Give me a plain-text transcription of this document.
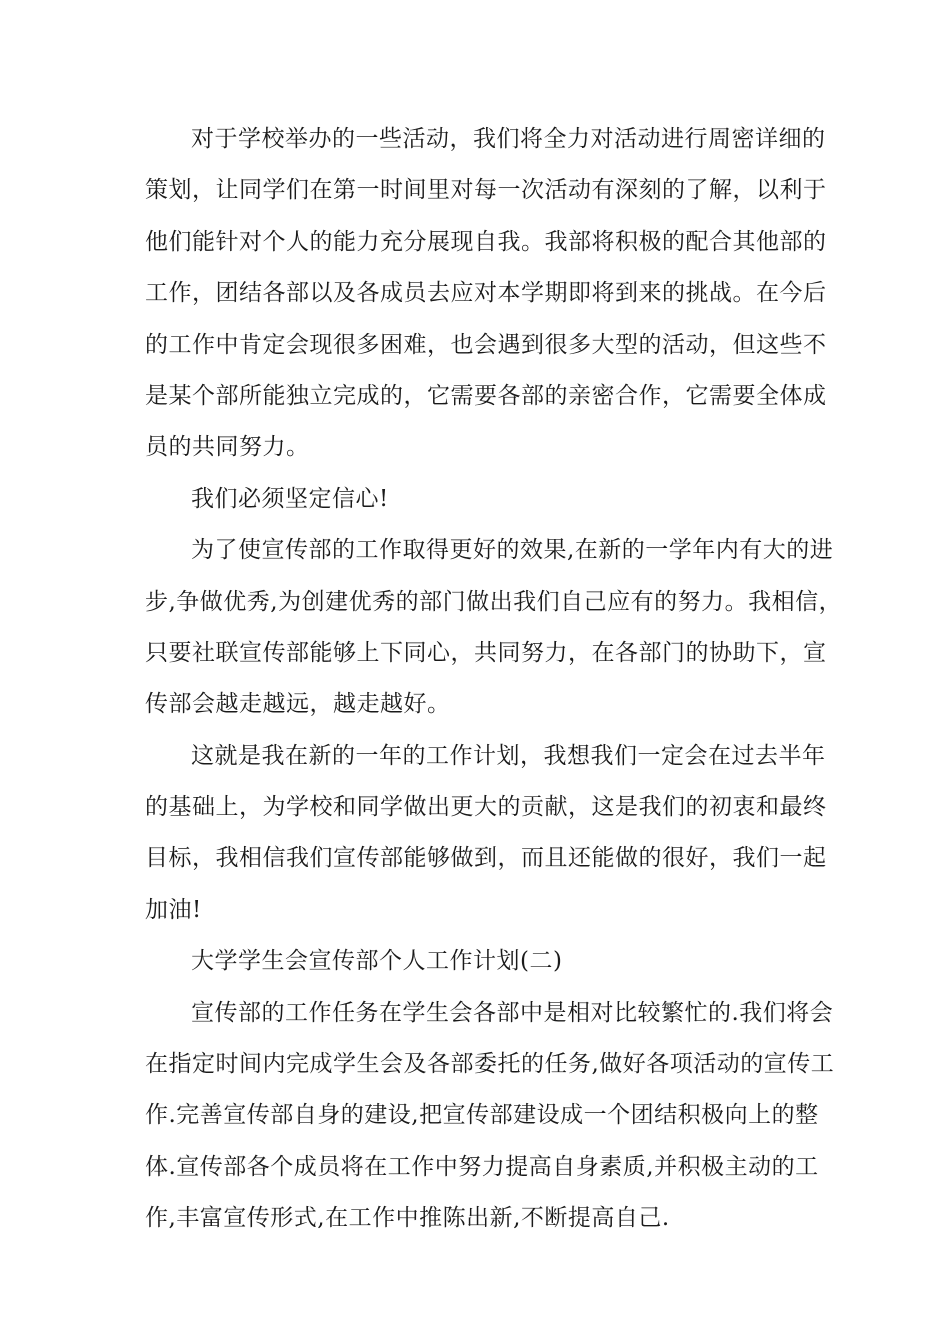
对于学校举办的一些活动，我们将全力对活动进行周密详细的
策划，让同学们在第一时间里对每一次活动有深刻的了解，以利于
他们能针对个人的能力充分展现自我。我部将积极的配合其他部的
工作，团结各部以及各成员去应对本学期即将到来的挑战。在今后
的工作中肯定会现很多困难，也会遇到很多大型的活动，但这些不
是某个部所能独立完成的，它需要各部的亲密合作，它需要全体成
员的共同努力。
我们必须坚定信心!
为了使宣传部的工作取得更好的效果,在新的一学年内有大的进
步,争做优秀,为创建优秀的部门做出我们自己应有的努力。我相信，
只要社联宣传部能够上下同心，共同努力，在各部门的协助下，宣
传部会越走越远，越走越好。
这就是我在新的一年的工作计划，我想我们一定会在过去半年
的基础上，为学校和同学做出更大的贡献，这是我们的初衷和最终
目标，我相信我们宣传部能够做到，而且还能做的很好，我们一起
加油!
大学学生会宣传部个人工作计划(二)
宣传部的工作任务在学生会各部中是相对比较繁忙的.我们将会
在指定时间内完成学生会及各部委托的任务,做好各项活动的宣传工
作.完善宣传部自身的建设,把宣传部建设成一个团结积极向上的整
体.宣传部各个成员将在工作中努力提高自身素质,并积极主动的工
作,丰富宣传形式,在工作中推陈出新,不断提高自己.
